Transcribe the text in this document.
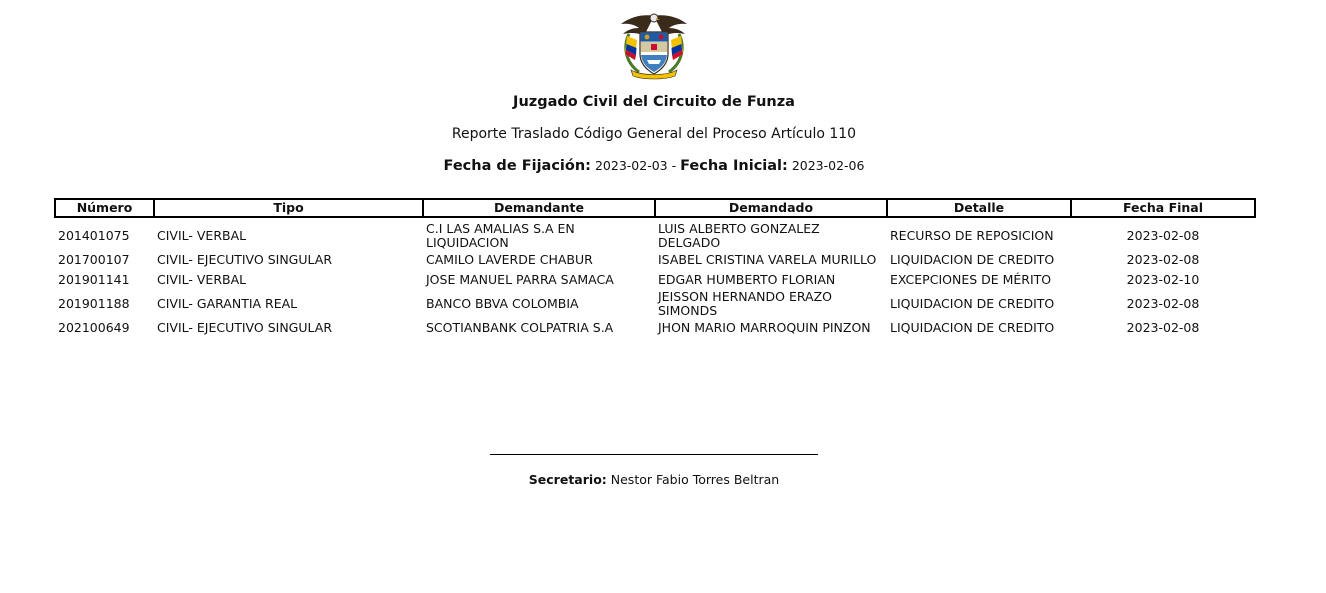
Juzgado Civil del Circuito de Funza
Reporte Traslado Código General del Proceso Artículo 110
Fecha de Fijación: 2023-02-03 - Fecha Inicial: 2023-02-06
Número	Tipo	Demandante	Demandado	Detalle	Fecha Final
201401075	CIVIL- VERBAL	C.I LAS AMALIAS S.A EN LIQUIDACION	LUIS ALBERTO GONZALEZ DELGADO	RECURSO DE REPOSICION	2023-02-08
201700107	CIVIL- EJECUTIVO SINGULAR	CAMILO LAVERDE CHABUR	ISABEL CRISTINA VARELA MURILLO	LIQUIDACION DE CREDITO	2023-02-08
201901141	CIVIL- VERBAL	JOSE MANUEL PARRA SAMACA	EDGAR HUMBERTO FLORIAN	EXCEPCIONES DE MÉRITO	2023-02-10
201901188	CIVIL- GARANTIA REAL	BANCO BBVA COLOMBIA	JEISSON HERNANDO ERAZO SIMONDS	LIQUIDACION DE CREDITO	2023-02-08
202100649	CIVIL- EJECUTIVO SINGULAR	SCOTIANBANK COLPATRIA S.A	JHON MARIO MARROQUIN PINZON	LIQUIDACION DE CREDITO	2023-02-08
Secretario: Nestor Fabio Torres Beltran
